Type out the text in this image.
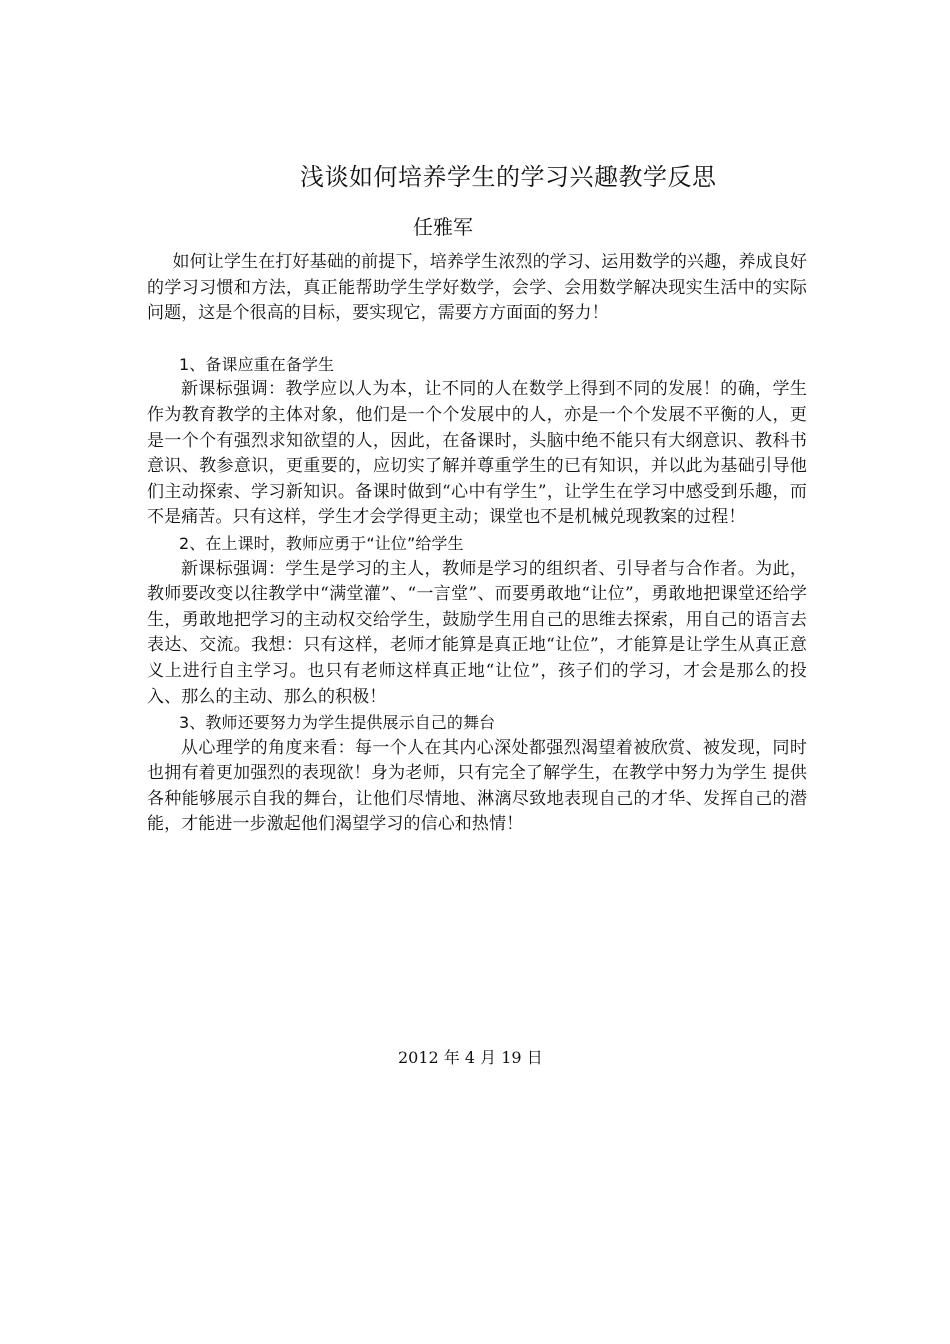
浅谈如何培养学生的学习兴趣教学反思
任雅军

如何让学生在打好基础的前提下，培养学生浓烈的学习、运用数学的兴趣，养成良好的学习习惯和方法，真正能帮助学生学好数学，会学、会用数学解决现实生活中的实际问题，这是个很高的目标，要实现它，需要方方面面的努力！

1、备课应重在备学生

新课标强调：教学应以人为本，让不同的人在数学上得到不同的发展！的确，学生作为教育教学的主体对象，他们是一个个发展中的人，亦是一个个发展不平衡的人，更是一个个有强烈求知欲望的人，因此，在备课时，头脑中绝不能只有大纲意识、教科书意识、教参意识，更重要的，应切实了解并尊重学生的已有知识，并以此为基础引导他们主动探索、学习新知识。备课时做到“心中有学生”，让学生在学习中感受到乐趣，而不是痛苦。只有这样，学生才会学得更主动；课堂也不是机械兑现教案的过程！

2、在上课时，教师应勇于“让位”给学生

新课标强调：学生是学习的主人，教师是学习的组织者、引导者与合作者。为此，教师要改变以往教学中“满堂灌”、“一言堂”、而要勇敢地“让位”，勇敢地把课堂还给学生，勇敢地把学习的主动权交给学生，鼓励学生用自己的思维去探索，用自己的语言去表达、交流。我想：只有这样，老师才能算是真正地“让位”，才能算是让学生从真正意义上进行自主学习。也只有老师这样真正地“让位”，孩子们的学习，才会是那么的投入、那么的主动、那么的积极！

3、教师还要努力为学生提供展示自己的舞台

从心理学的角度来看：每一个人在其内心深处都强烈渴望着被欣赏、被发现，同时也拥有着更加强烈的表现欲！身为老师，只有完全了解学生，在教学中努力为学生 提供各种能够展示自我的舞台，让他们尽情地、淋漓尽致地表现自己的才华、发挥自己的潜能，才能进一步激起他们渴望学习的信心和热情！

2012 年 4 月 19 日
